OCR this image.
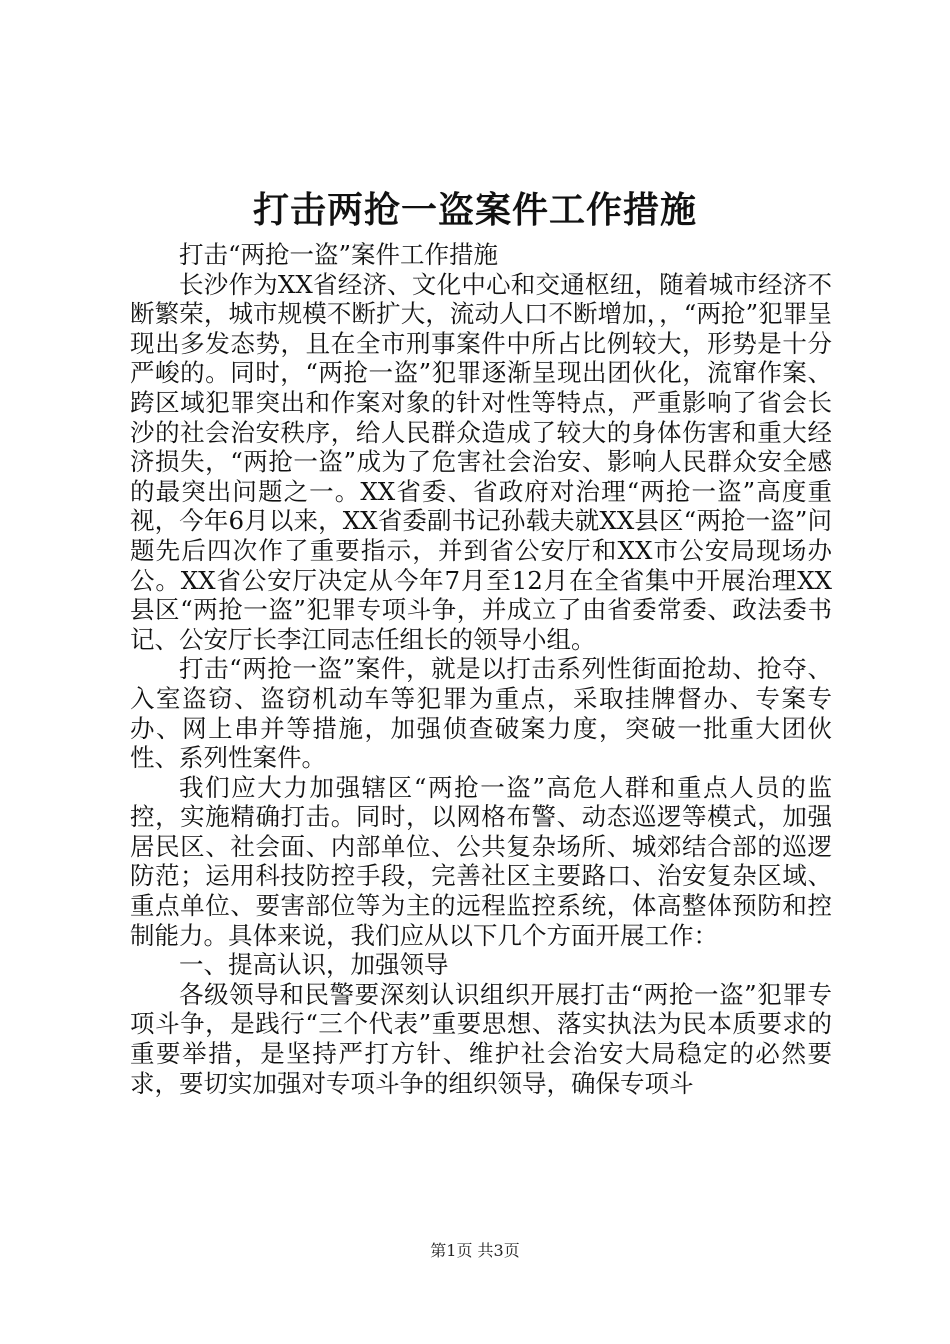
打击两抢一盗案件工作措施

打击“两抢一盗”案件工作措施

长沙作为XX省经济、文化中心和交通枢纽，随着城市经济不断繁荣，城市规模不断扩大，流动人口不断增加，，“两抢”犯罪呈现出多发态势，且在全市刑事案件中所占比例较大，形势是十分严峻的。同时，“两抢一盗”犯罪逐渐呈现出团伙化，流窜作案、跨区域犯罪突出和作案对象的针对性等特点，严重影响了省会长沙的社会治安秩序，给人民群众造成了较大的身体伤害和重大经济损失，“两抢一盗”成为了危害社会治安、影响人民群众安全感的最突出问题之一。XX省委、省政府对治理“两抢一盗”高度重视，今年6月以来，XX省委副书记孙载夫就XX县区“两抢一盗”问题先后四次作了重要指示，并到省公安厅和XX市公安局现场办公。XX省公安厅决定从今年7月至12月在全省集中开展治理XX县区“两抢一盗”犯罪专项斗争，并成立了由省委常委、政法委书记、公安厅长李江同志任组长的领导小组。

打击“两抢一盗”案件，就是以打击系列性街面抢劫、抢夺、入室盗窃、盗窃机动车等犯罪为重点，采取挂牌督办、专案专办、网上串并等措施，加强侦查破案力度，突破一批重大团伙性、系列性案件。

我们应大力加强辖区“两抢一盗”高危人群和重点人员的监控，实施精确打击。同时，以网格布警、动态巡逻等模式，加强居民区、社会面、内部单位、公共复杂场所、城郊结合部的巡逻防范；运用科技防控手段，完善社区主要路口、治安复杂区域、重点单位、要害部位等为主的远程监控系统，体高整体预防和控制能力。具体来说，我们应从以下几个方面开展工作：

一、提高认识，加强领导

各级领导和民警要深刻认识组织开展打击“两抢一盗”犯罪专项斗争，是践行“三个代表”重要思想、落实执法为民本质要求的重要举措，是坚持严打方针、维护社会治安大局稳定的必然要求，要切实加强对专项斗争的组织领导，确保专项斗

第1页 共3页
